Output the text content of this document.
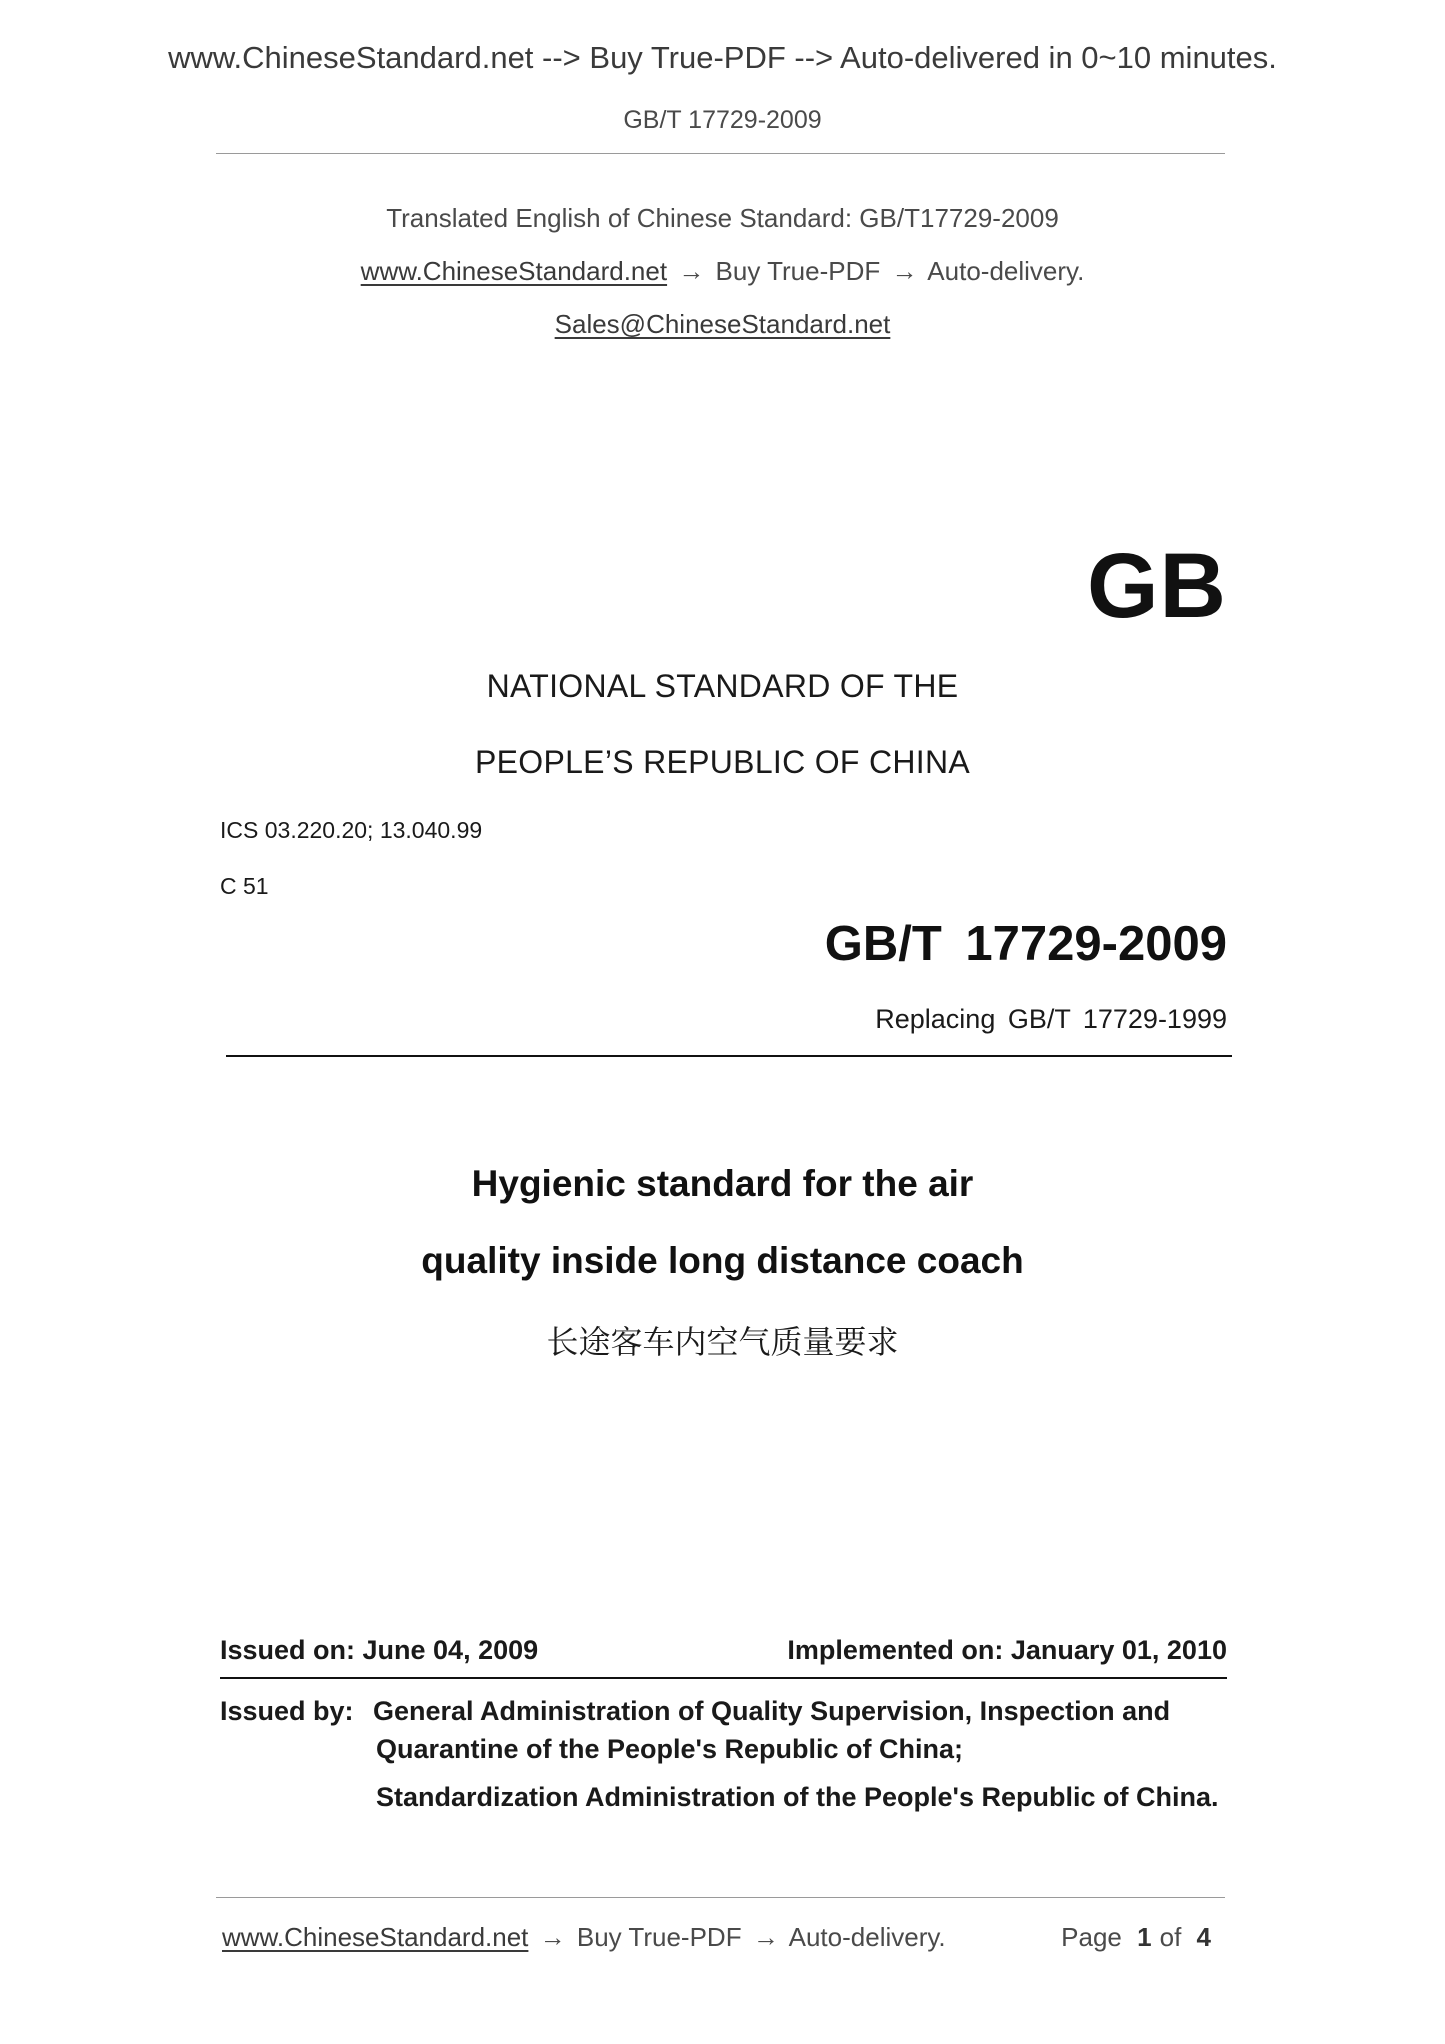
www.ChineseStandard.net --> Buy True-PDF --> Auto-delivered in 0~10 minutes.
GB/T 17729-2009
Translated English of Chinese Standard: GB/T17729-2009
www.ChineseStandard.net → Buy True-PDF → Auto-delivery.
Sales@ChineseStandard.net
GB
NATIONAL STANDARD OF THE
PEOPLE’S REPUBLIC OF CHINA
ICS 03.220.20; 13.040.99
C 51
GB/T 17729-2009
Replacing GB/T 17729-1999
Hygienic standard for the air
quality inside long distance coach
长途客车内空气质量要求
Issued on: June 04, 2009	Implemented on: January 01, 2010
Issued by: General Administration of Quality Supervision, Inspection and Quarantine of the People's Republic of China;
Standardization Administration of the People's Republic of China.
www.ChineseStandard.net → Buy True-PDF → Auto-delivery.	Page 1 of 4
